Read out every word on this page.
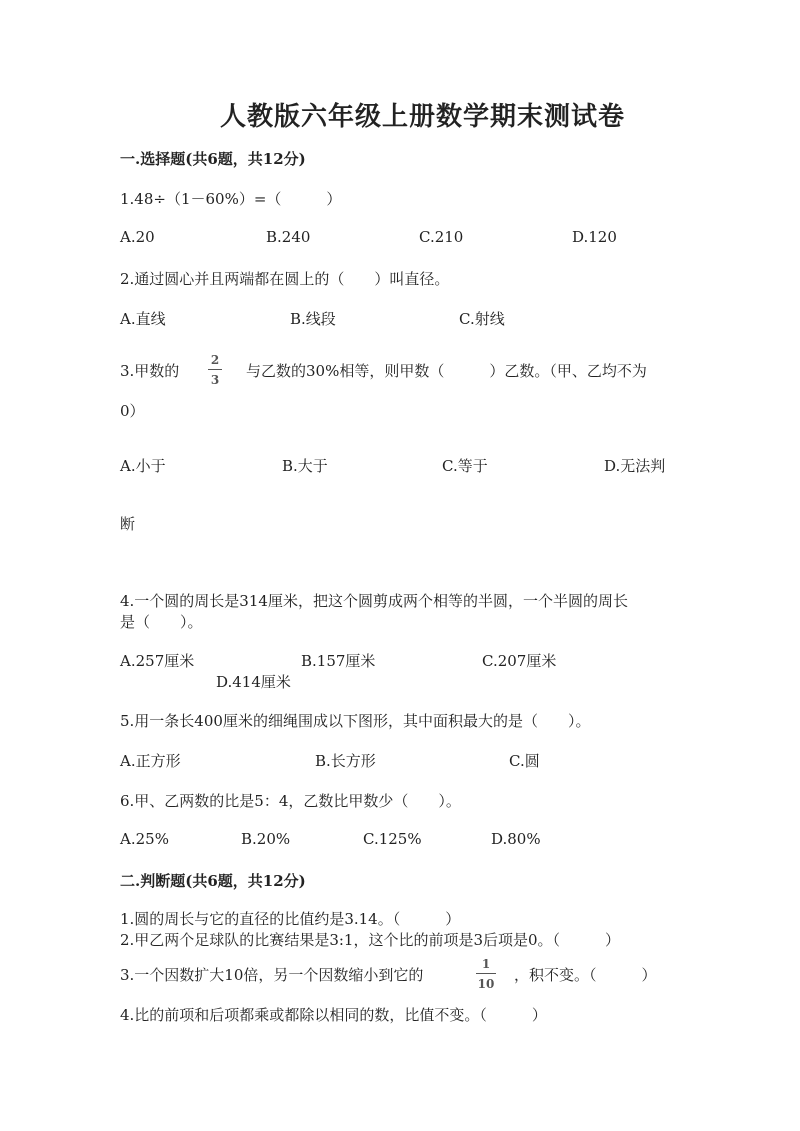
人教版六年级上册数学期末测试卷
一.选择题(共6题，共12分)
1.48÷（1－60%）=（　　　）
A.20	B.240	C.210	D.120
2.通过圆心并且两端都在圆上的（　　）叫直径。
A.直线	B.线段	C.射线
3.甲数的
2
3 与乙数的30%相等，则甲数（　　　）乙数。（甲、乙均不为
0）
A.小于	B.大于	C.等于	D.无法判
断
4.一个圆的周长是314厘米，把这个圆剪成两个相等的半圆，一个半圆的周长
是（　　）。
A.257厘米	B.157厘米	C.207厘米
D.414厘米
5.用一条长400厘米的细绳围成以下图形，其中面积最大的是（　　）。
A.正方形	B.长方形	C.圆
6.甲、乙两数的比是5：4，乙数比甲数少（　　）。
A.25%	B.20%	C.125%	D.80%
二.判断题(共6题，共12分)
1.圆的周长与它的直径的比值约是3.14。（　　　）
2.甲乙两个足球队的比赛结果是3:1，这个比的前项是3后项是0。（　　　）
3.一个因数扩大10倍，另一个因数缩小到它的
1
10 ，积不变。（　　　）
4.比的前项和后项都乘或都除以相同的数，比值不变。（　　　）
